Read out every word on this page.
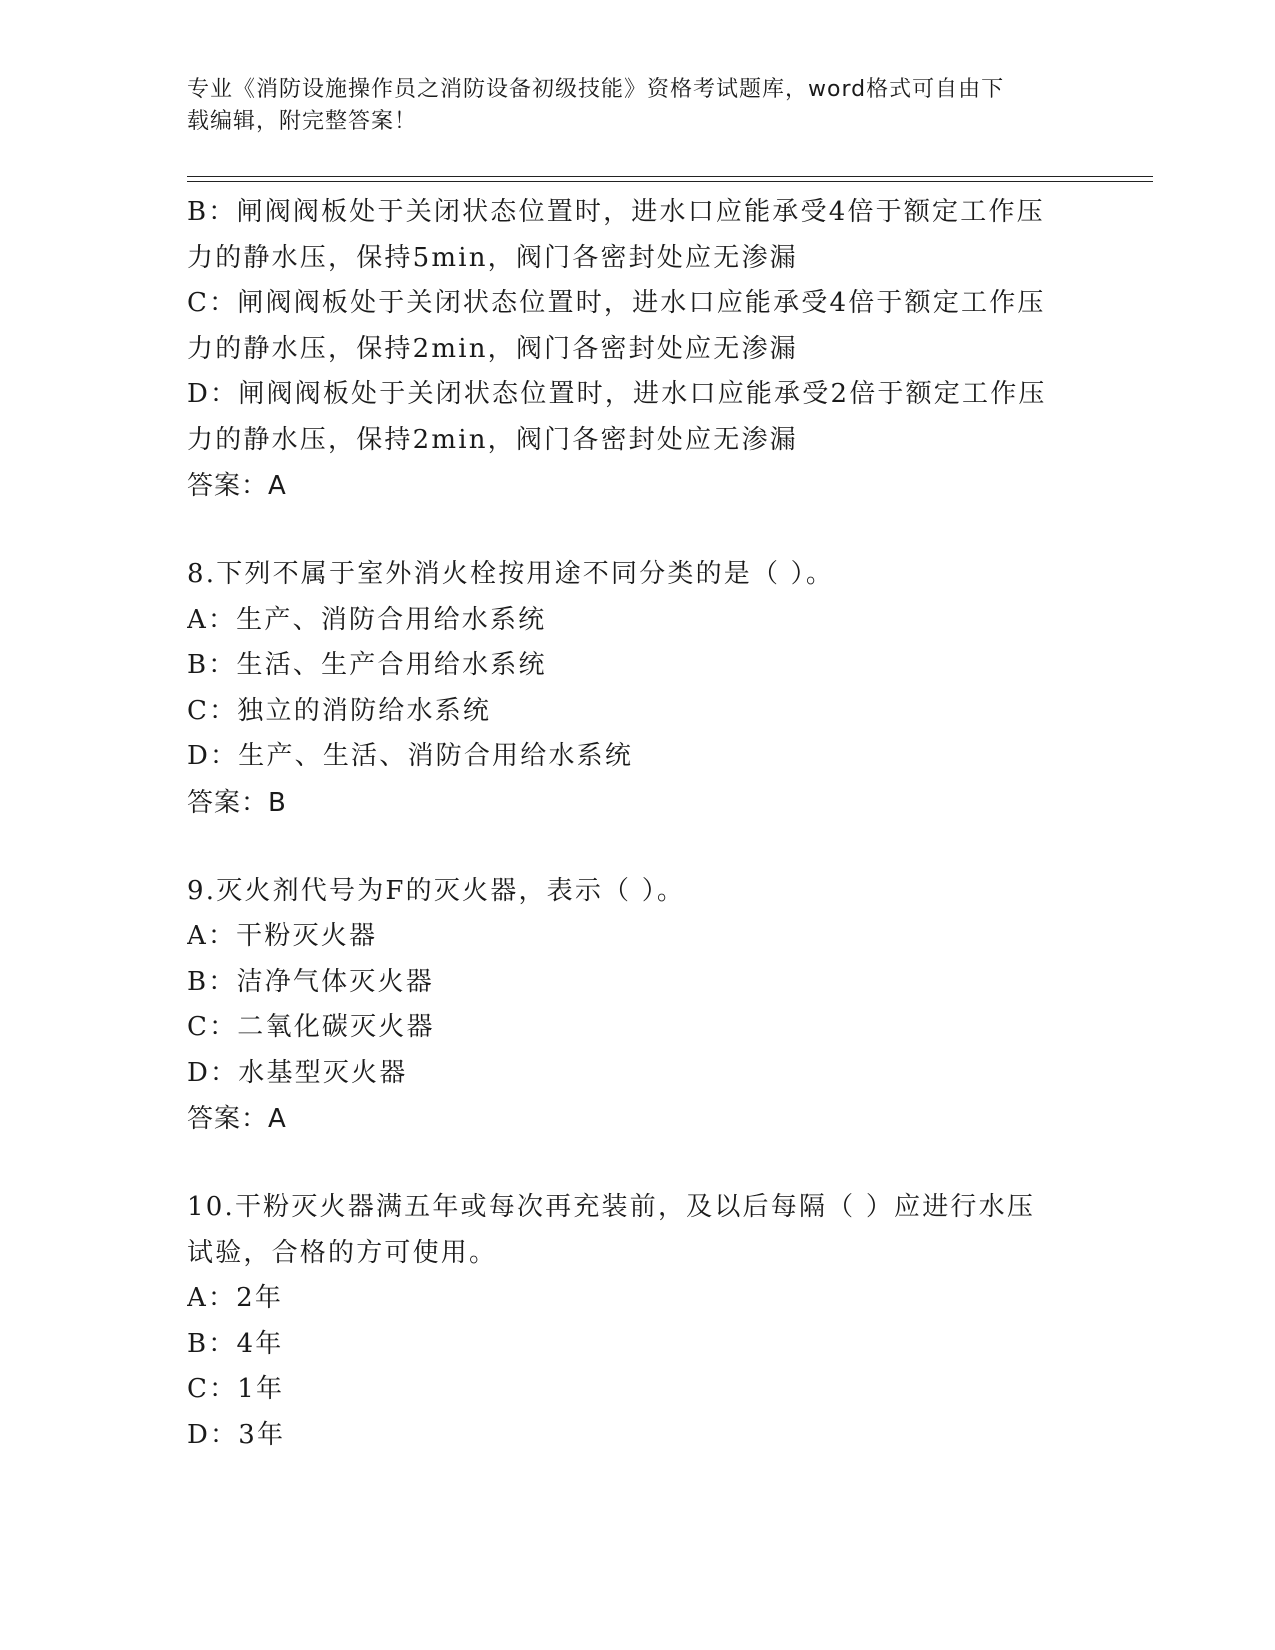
专业《消防设施操作员之消防设备初级技能》资格考试题库，word格式可自由下
载编辑，附完整答案！
B：闸阀阀板处于关闭状态位置时，进水口应能承受4倍于额定工作压
力的静水压，保持5min，阀门各密封处应无渗漏
C：闸阀阀板处于关闭状态位置时，进水口应能承受4倍于额定工作压
力的静水压，保持2min，阀门各密封处应无渗漏
D：闸阀阀板处于关闭状态位置时，进水口应能承受2倍于额定工作压
力的静水压，保持2min，阀门各密封处应无渗漏
答案：A
8.下列不属于室外消火栓按用途不同分类的是（ ）。
A：生产、消防合用给水系统
B：生活、生产合用给水系统
C：独立的消防给水系统
D：生产、生活、消防合用给水系统
答案：B
9.灭火剂代号为F的灭火器，表示（ ）。
A：干粉灭火器
B：洁净气体灭火器
C：二氧化碳灭火器
D：水基型灭火器
答案：A
10.干粉灭火器满五年或每次再充装前，及以后每隔（ ）应进行水压
试验，合格的方可使用。
A：2年
B：4年
C：1年
D：3年
